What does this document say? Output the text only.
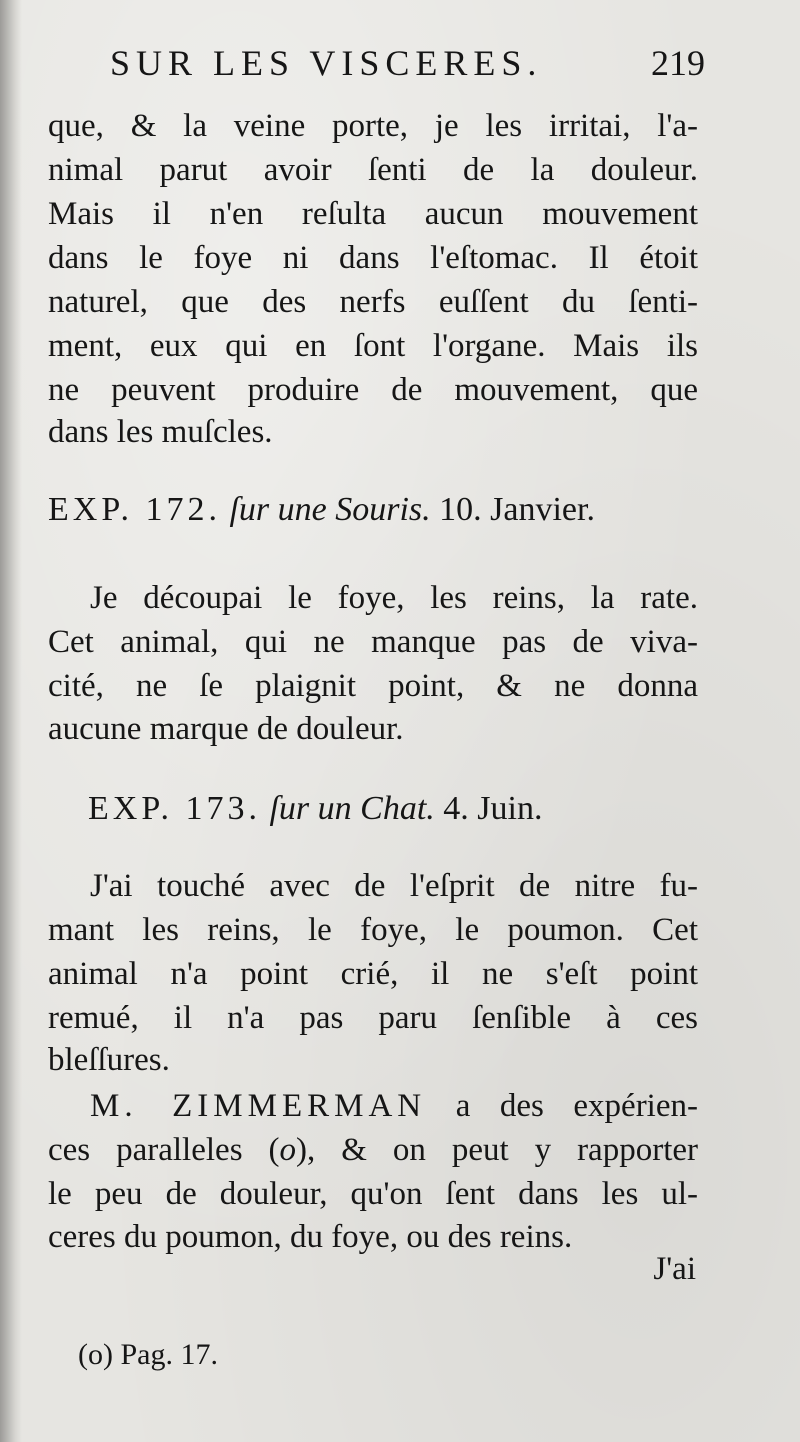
SUR LES VISCERES.	219
que, & la veine porte, je les irritai, l'a-
nimal parut avoir ſenti de la douleur.
Mais il n'en reſulta aucun mouvement
dans le foye ni dans l'eſtomac. Il étoit
naturel, que des nerfs euſſent du ſenti-
ment, eux qui en ſont l'organe. Mais ils
ne peuvent produire de mouvement, que
dans les muſcles.
EXP. 172. ſur une Souris. 10. Janvier.
Je découpai le foye, les reins, la rate.
Cet animal, qui ne manque pas de viva-
cité, ne ſe plaignit point, & ne donna
aucune marque de douleur.
EXP. 173. ſur un Chat. 4. Juin.
J'ai touché avec de l'eſprit de nitre fu-
mant les reins, le foye, le poumon. Cet
animal n'a point crié, il ne s'eſt point
remué, il n'a pas paru ſenſible à ces
bleſſures.
M. ZIMMERMAN a des expérien-
ces paralleles (o), & on peut y rapporter
le peu de douleur, qu'on ſent dans les ul-
ceres du poumon, du foye, ou des reins.
J'ai
(o) Pag. 17.
